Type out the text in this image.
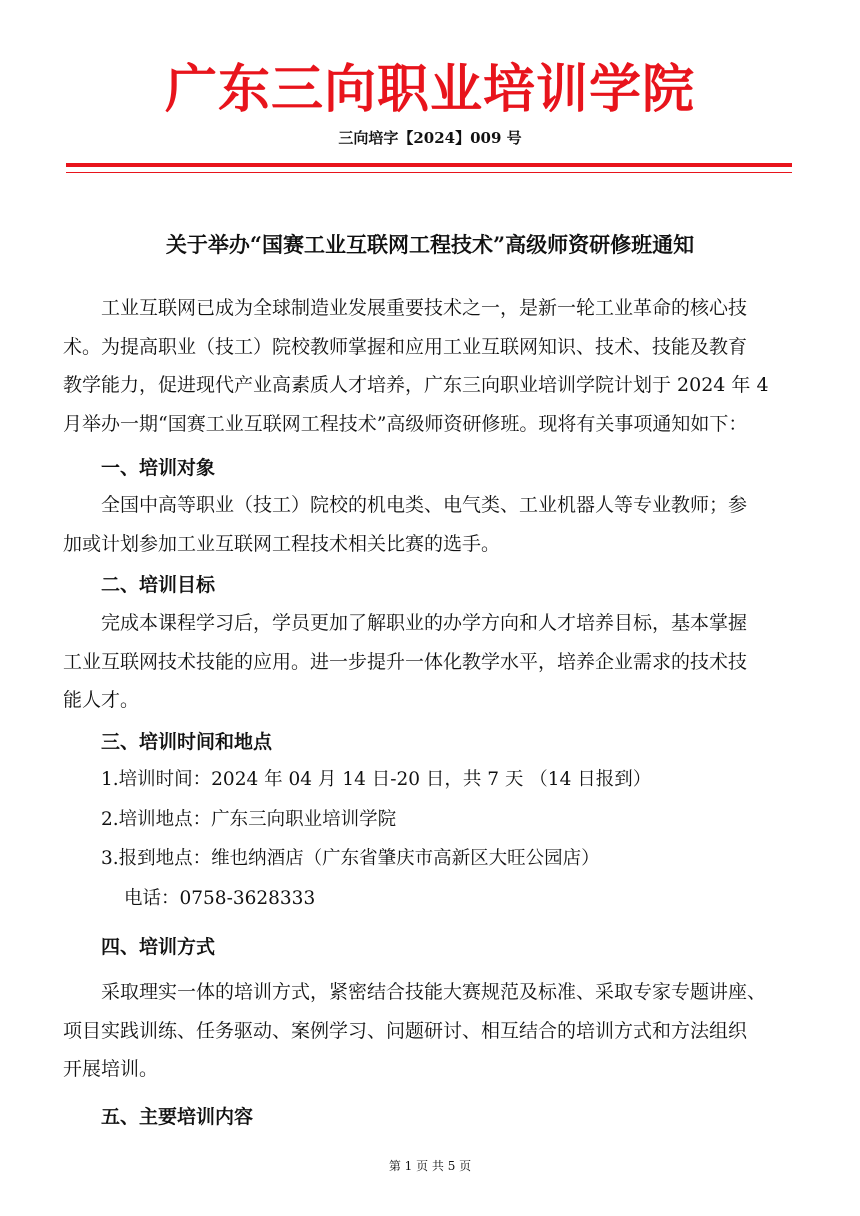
广东三向职业培训学院
三向培字【2024】009 号
关于举办“国赛工业互联网工程技术”高级师资研修班通知
工业互联网已成为全球制造业发展重要技术之一，是新一轮工业革命的核心技
术。为提高职业（技工）院校教师掌握和应用工业互联网知识、技术、技能及教育
教学能力，促进现代产业高素质人才培养，广东三向职业培训学院计划于 2024 年 4
月举办一期“国赛工业互联网工程技术”高级师资研修班。现将有关事项通知如下：
一、培训对象
全国中高等职业（技工）院校的机电类、电气类、工业机器人等专业教师；参
加或计划参加工业互联网工程技术相关比赛的选手。
二、培训目标
完成本课程学习后，学员更加了解职业的办学方向和人才培养目标，基本掌握
工业互联网技术技能的应用。进一步提升一体化教学水平，培养企业需求的技术技
能人才。
三、培训时间和地点
1.培训时间：2024 年 04 月 14 日-20 日，共 7 天 （14 日报到）
2.培训地点：广东三向职业培训学院
3.报到地点：维也纳酒店（广东省肇庆市高新区大旺公园店）
电话：0758-3628333
四、培训方式
采取理实一体的培训方式，紧密结合技能大赛规范及标准、采取专家专题讲座、
项目实践训练、任务驱动、案例学习、问题研讨、相互结合的培训方式和方法组织
开展培训。
五、主要培训内容
第 1 页 共 5 页
